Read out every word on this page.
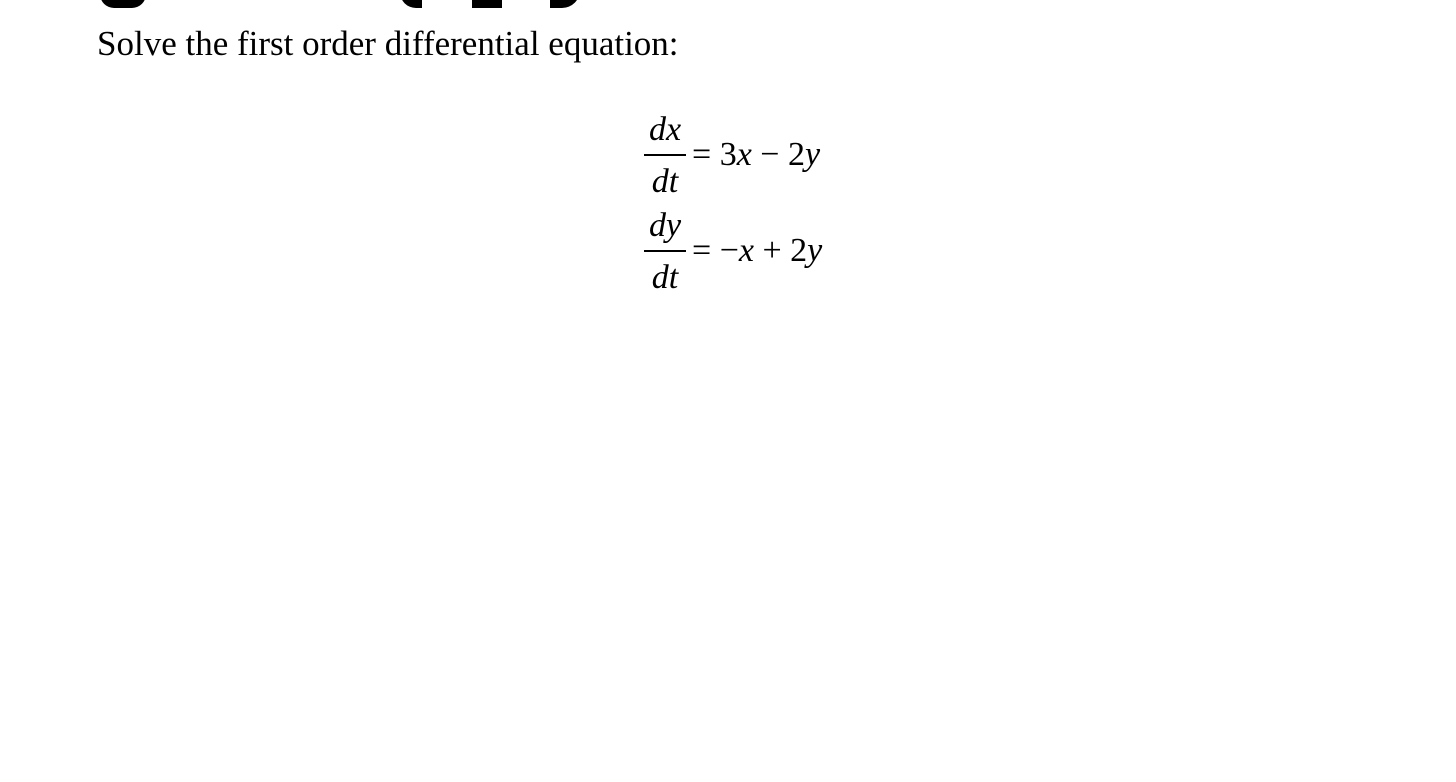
Solve the first order differential equation:
dx
dt
= 3x − 2y
dy
dt
= −x + 2y
